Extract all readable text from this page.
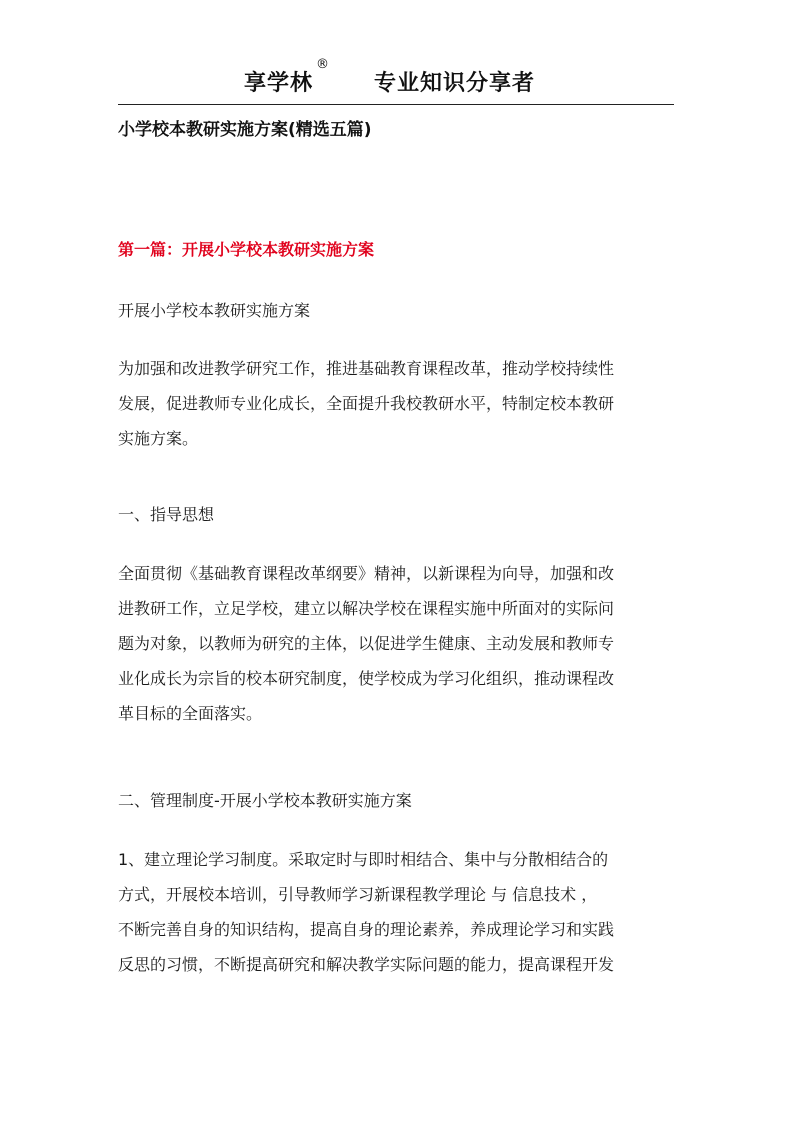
享学林
®
专业知识分享者
小学校本教研实施方案(精选五篇)
第一篇：开展小学校本教研实施方案
开展小学校本教研实施方案
为加强和改进教学研究工作，推进基础教育课程改革，推动学校持续性
发展，促进教师专业化成长，全面提升我校教研水平，特制定校本教研
实施方案。
一、指导思想
全面贯彻《基础教育课程改革纲要》精神，以新课程为向导，加强和改
进教研工作，立足学校，建立以解决学校在课程实施中所面对的实际问
题为对象，以教师为研究的主体，以促进学生健康、主动发展和教师专
业化成长为宗旨的校本研究制度，使学校成为学习化组织，推动课程改
革目标的全面落实。
二、管理制度-开展小学校本教研实施方案
1、建立理论学习制度。采取定时与即时相结合、集中与分散相结合的
方式，开展校本培训，引导教师学习新课程教学理论 与 信息技术 ，
不断完善自身的知识结构，提高自身的理论素养，养成理论学习和实践
反思的习惯，不断提高研究和解决教学实际问题的能力，提高课程开发
